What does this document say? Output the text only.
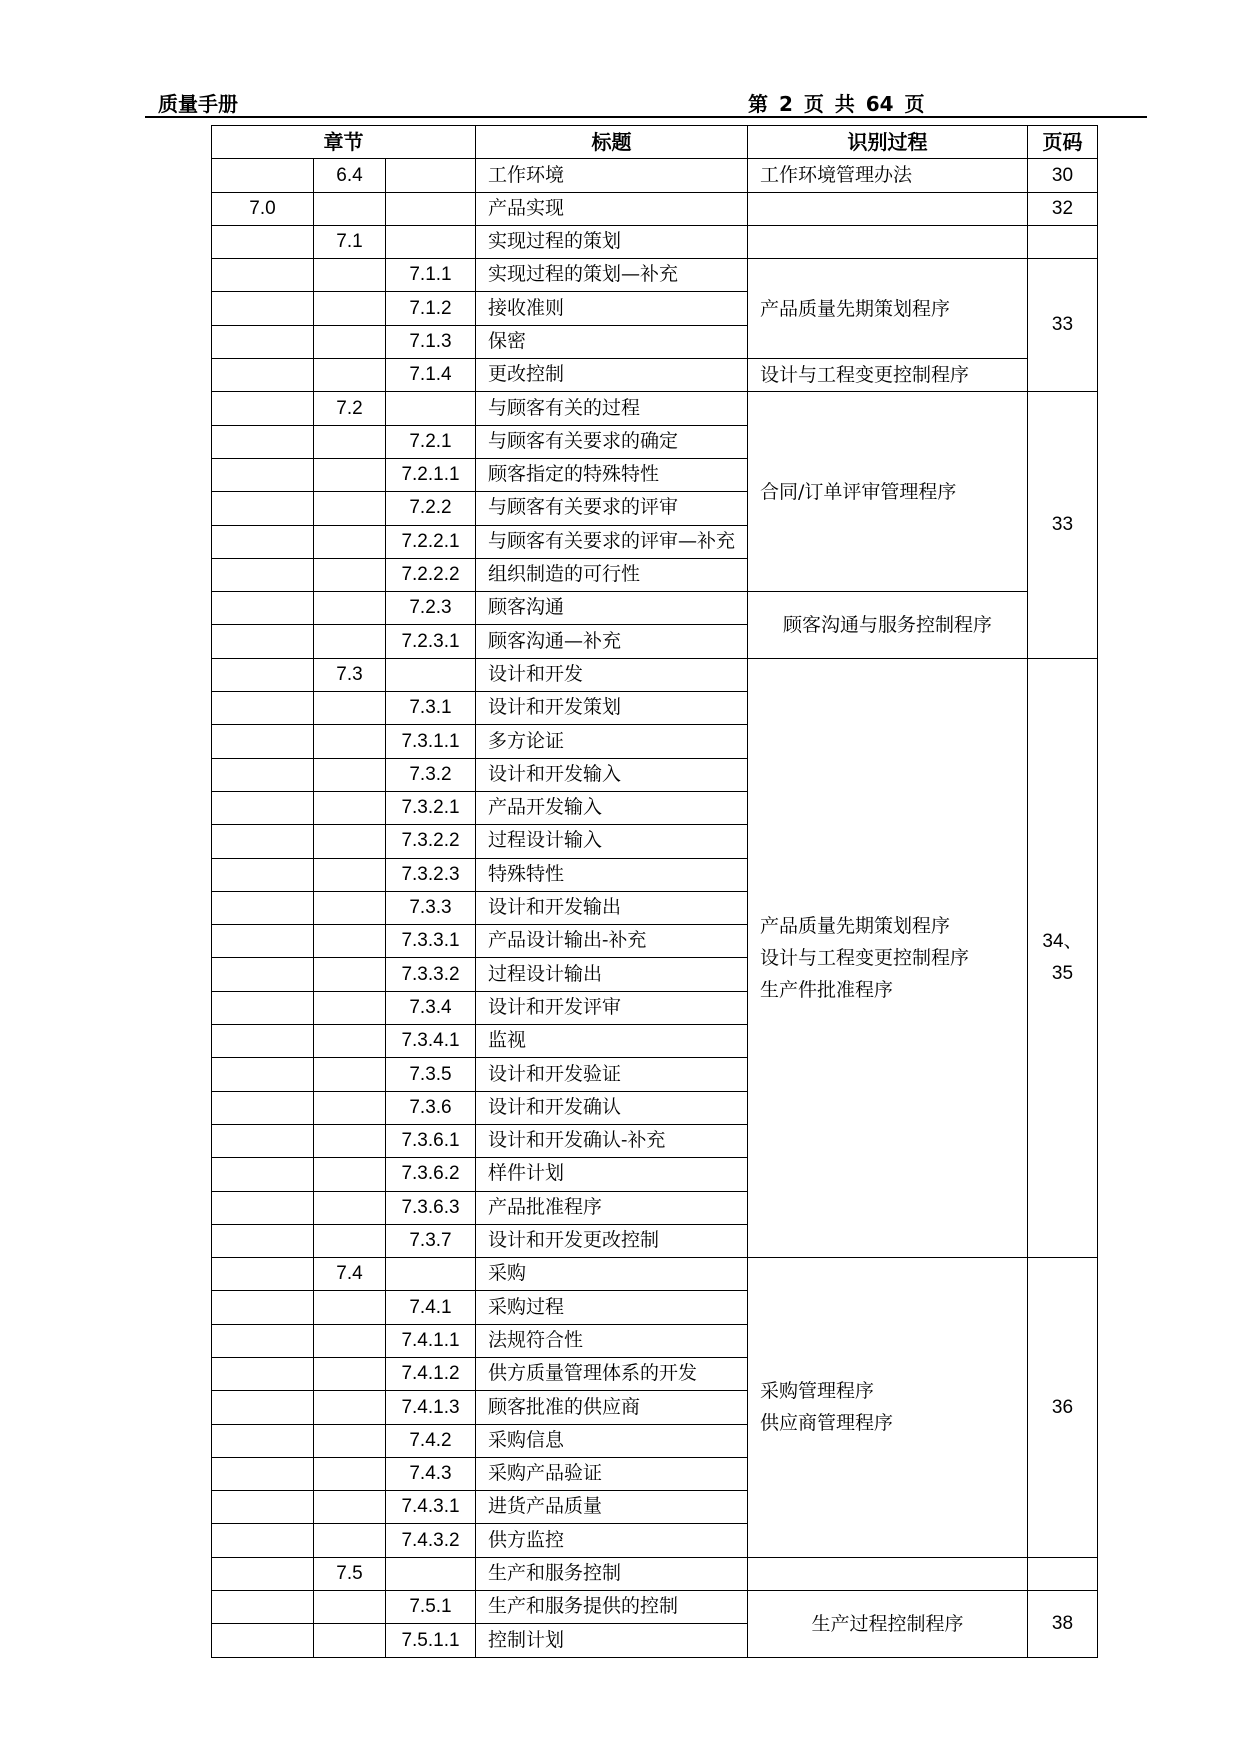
质量手册	第 2 页 共 64 页
章节			标题	识别过程	页码
	6.4		工作环境	工作环境管理办法	30
7.0			产品实现		32
	7.1		实现过程的策划		
		7.1.1	实现过程的策划—补充	产品质量先期策划程序	33
		7.1.2	接收准则		
		7.1.3	保密		
		7.1.4	更改控制	设计与工程变更控制程序	

	7.2		与顾客有关的过程	合同/订单评审管理程序	33
		7.2.1	与顾客有关要求的确定		
		7.2.1.1	顾客指定的特殊特性		
		7.2.2	与顾客有关要求的评审		
		7.2.2.1	与顾客有关要求的评审—补充		
		7.2.2.2	组织制造的可行性		
		7.2.3	顾客沟通	顾客沟通与服务控制程序	

		7.2.3.1	顾客沟通—补充		
	7.3		设计和开发	产品质量先期策划程序
设计与工程变更控制程序
生产件批准程序	34、
35

		7.3.1	设计和开发策划		
		7.3.1.1	多方论证		
		7.3.2	设计和开发输入		
		7.3.2.1	产品开发输入		
		7.3.2.2	过程设计输入		
		7.3.2.3	特殊特性		
		7.3.3	设计和开发输出		
		7.3.3.1	产品设计输出-补充		
		7.3.3.2	过程设计输出		
		7.3.4	设计和开发评审		
		7.3.4.1	监视		
		7.3.5	设计和开发验证		
		7.3.6	设计和开发确认		
		7.3.6.1	设计和开发确认-补充		
		7.3.6.2	样件计划		
		7.3.6.3	产品批准程序		
		7.3.7	设计和开发更改控制		
	7.4		采购	采购管理程序
供应商管理程序	36
		7.4.1	采购过程		
		7.4.1.1	法规符合性		
		7.4.1.2	供方质量管理体系的开发		
		7.4.1.3	顾客批准的供应商		
		7.4.2	采购信息		
		7.4.3	采购产品验证		
		7.4.3.1	进货产品质量		
		7.4.3.2	供方监控		
	7.5		生产和服务控制		
		7.5.1	生产和服务提供的控制	生产过程控制程序	38
		7.5.1.1	控制计划		
